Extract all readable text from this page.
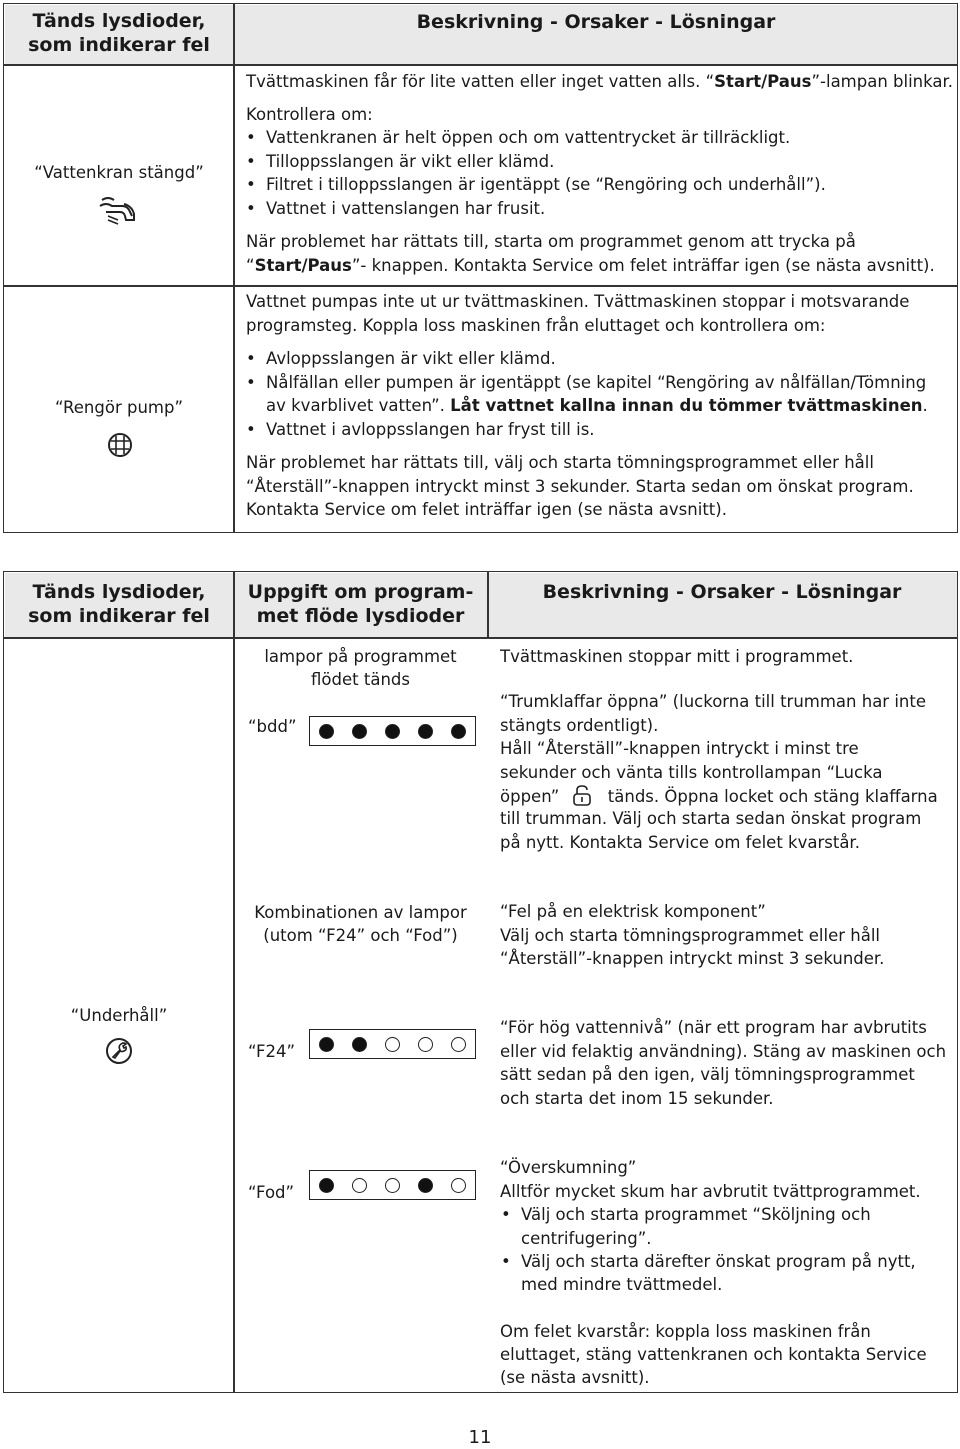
Tänds lysdioder,
som indikerar fel
Beskrivning - Orsaker - Lösningar
“Vattenkran stängd”
Tvättmaskinen får för lite vatten eller inget vatten alls. “Start/Paus”-lampan blinkar.
Kontrollera om:
• Vattenkranen är helt öppen och om vattentrycket är tillräckligt.
• Tilloppsslangen är vikt eller klämd.
• Filtret i tilloppsslangen är igentäppt (se “Rengöring och underhåll”).
• Vattnet i vattenslangen har frusit.
När problemet har rättats till, starta om programmet genom att trycka på
“Start/Paus”- knappen. Kontakta Service om felet inträffar igen (se nästa avsnitt).
“Rengör pump”
Vattnet pumpas inte ut ur tvättmaskinen. Tvättmaskinen stoppar i motsvarande
programsteg. Koppla loss maskinen från eluttaget och kontrollera om:
• Avloppsslangen är vikt eller klämd.
• Nålfällan eller pumpen är igentäppt (se kapitel “Rengöring av nålfällan/Tömning
av kvarblivet vatten”. Låt vattnet kallna innan du tömmer tvättmaskinen.
• Vattnet i avloppsslangen har fryst till is.
När problemet har rättats till, välj och starta tömningsprogrammet eller håll
“Återställ”-knappen intryckt minst 3 sekunder. Starta sedan om önskat program.
Kontakta Service om felet inträffar igen (se nästa avsnitt).
Tänds lysdioder,
som indikerar fel
Uppgift om program-
met flöde lysdioder
Beskrivning - Orsaker - Lösningar
“Underhåll”
lampor på programmet
flödet tänds
Kombinationen av lampor
(utom “F24” och “Fod”)
“bdd”
“F24”
“Fod”
Tvättmaskinen stoppar mitt i programmet.
“Trumklaffar öppna” (luckorna till trumman har inte
stängts ordentligt).
Håll “Återställ”-knappen intryckt i minst tre
sekunder och vänta tills kontrollampan “Lucka
öppen”	tänds. Öppna locket och stäng klaffarna
till trumman. Välj och starta sedan önskat program
på nytt. Kontakta Service om felet kvarstår.
“Fel på en elektrisk komponent”
Välj och starta tömningsprogrammet eller håll
“Återställ”-knappen intryckt minst 3 sekunder.
“För hög vattennivå” (när ett program har avbrutits
eller vid felaktig användning). Stäng av maskinen och
sätt sedan på den igen, välj tömningsprogrammet
och starta det inom 15 sekunder.
“Överskumning”
Alltför mycket skum har avbrutit tvättprogrammet.
• Välj och starta programmet “Sköljning och
centrifugering”.
• Välj och starta därefter önskat program på nytt,
med mindre tvättmedel.
Om felet kvarstår: koppla loss maskinen från
eluttaget, stäng vattenkranen och kontakta Service
(se nästa avsnitt).
11
